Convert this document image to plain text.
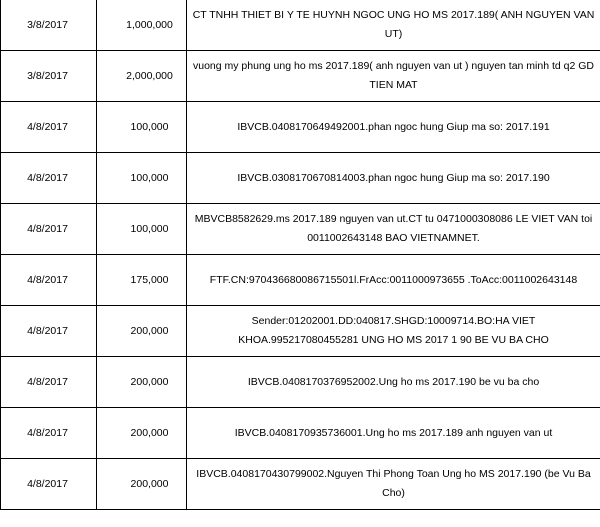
3/8/2017	1,000,000	CT TNHH THIET BI Y TE HUYNH NGOC UNG HO MS 2017.189( ANH NGUYEN VAN UT)
3/8/2017	2,000,000	vuong my phung ung ho ms 2017.189( anh nguyen van ut ) nguyen tan minh td q2 GD TIEN MAT
4/8/2017	100,000	IBVCB.0408170649492001.phan ngoc hung Giup ma so: 2017.191
4/8/2017	100,000	IBVCB.0308170670814003.phan ngoc hung Giup ma so: 2017.190
4/8/2017	100,000	MBVCB8582629.ms 2017.189 nguyen van ut.CT tu 0471000308086 LE VIET VAN toi 0011002643148 BAO VIETNAMNET.
4/8/2017	175,000	FTF.CN:970436680086715501l.FrAcc:0011000973655 .ToAcc:0011002643148
4/8/2017	200,000	Sender:01202001.DD:040817.SHGD:10009714.BO:HA VIET KHOA.995217080455281 UNG HO MS 2017 1 90 BE VU BA CHO
4/8/2017	200,000	IBVCB.0408170376952002.Ung ho ms 2017.190 be vu ba cho
4/8/2017	200,000	IBVCB.0408170935736001.Ung ho ms 2017.189 anh nguyen van ut
4/8/2017	200,000	IBVCB.0408170430799002.Nguyen Thi Phong Toan Ung ho MS 2017.190 (be Vu Ba Cho)
